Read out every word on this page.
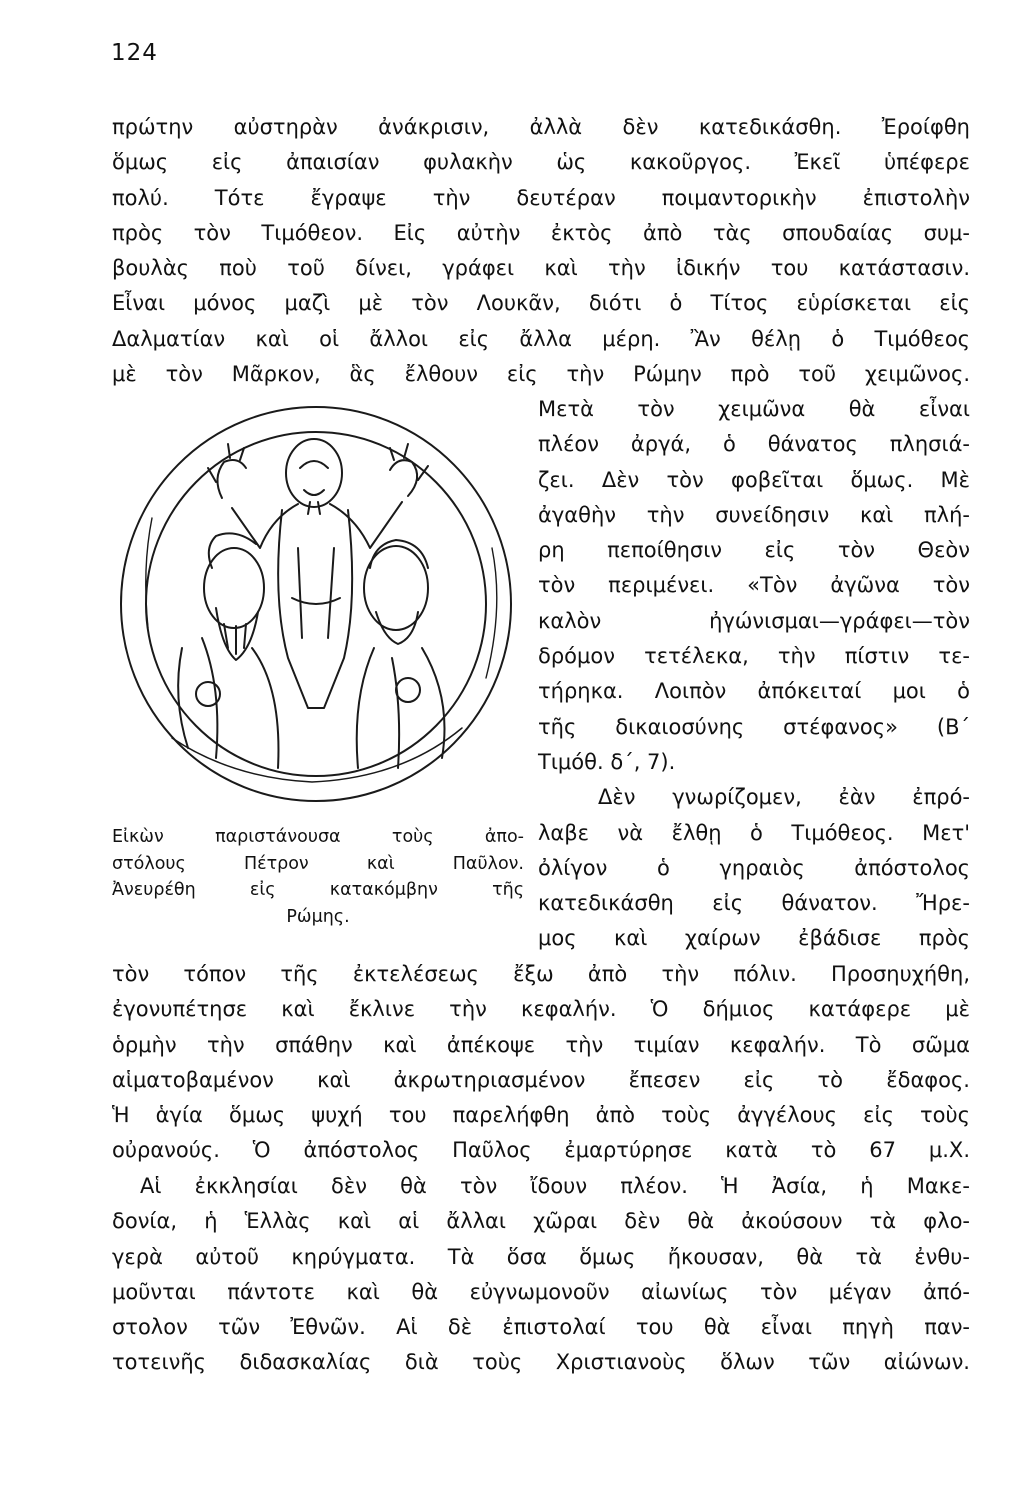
124
πρώτην αὐστηρὰν ἀνάκρισιν, ἀλλὰ δὲν κατεδικάσθη. Ἐροίφθη
ὅμως εἰς ἀπαισίαν φυλακὴν ὡς κακοῦργος. Ἐκεῖ ὑπέφερε
πολύ. Τότε ἔγραψε τὴν δευτέραν ποιμαντορικὴν ἐπιστολὴν
πρὸς τὸν Τιμόθεον. Εἰς αὐτὴν ἐκτὸς ἀπὸ τὰς σπουδαίας συμ-
βουλὰς ποὺ τοῦ δίνει, γράφει καὶ τὴν ἰδικήν του κατάστασιν.
Εἶναι μόνος μαζὶ μὲ τὸν Λουκᾶν, διότι ὁ Τίτος εὑρίσκεται εἰς
Δαλματίαν καὶ οἱ ἄλλοι εἰς ἄλλα μέρη. Ἂν θέλῃ ὁ Τιμόθεος
μὲ τὸν Μᾶρκον, ἃς ἔλθουν εἰς τὴν Ρώμην πρὸ τοῦ χειμῶνος.
Εἰκὼν παριστάνουσα τοὺς ἀπο-
στόλους Πέτρον καὶ Παῦλον.
Ἀνευρέθη εἰς κατακόμβην τῆς
Ρώμης.
Μετὰ τὸν χειμῶνα θὰ εἶναι
πλέον ἀργά, ὁ θάνατος πλησιά-
ζει. Δὲν τὸν φοβεῖται ὅμως. Μὲ
ἀγαθὴν τὴν συνείδησιν καὶ πλή-
ρη πεποίθησιν εἰς τὸν Θεὸν
τὸν περιμένει. «Τὸν ἀγῶνα τὸν
καλὸν ἠγώνισμαι—γράφει—τὸν
δρόμον τετέλεκα, τὴν πίστιν τε-
τήρηκα. Λοιπὸν ἀπόκειταί μοι ὁ
τῆς δικαιοσύνης στέφανος» (Β΄
Τιμόθ. δ΄, 7).
Δὲν γνωρίζομεν, ἐὰν ἐπρό-
λαβε νὰ ἔλθῃ ὁ Τιμόθεος. Μετ'
ὀλίγον ὁ γηραιὸς ἀπόστολος
κατεδικάσθη εἰς θάνατον. Ἤρε-
μος καὶ χαίρων ἐβάδισε πρὸς
τὸν τόπον τῆς ἐκτελέσεως ἔξω ἀπὸ τὴν πόλιν. Προσηυχήθη,
ἐγονυπέτησε καὶ ἔκλινε τὴν κεφαλήν. Ὁ δήμιος κατάφερε μὲ
ὁρμὴν τὴν σπάθην καὶ ἀπέκοψε τὴν τιμίαν κεφαλήν. Τὸ σῶμα
αἱματοβαμένον καὶ ἀκρωτηριασμένον ἔπεσεν εἰς τὸ ἔδαφος.
Ἡ ἁγία ὅμως ψυχή του παρελήφθη ἀπὸ τοὺς ἀγγέλους εἰς τοὺς
οὐρανούς. Ὁ ἀπόστολος Παῦλος ἐμαρτύρησε κατὰ τὸ 67 μ.Χ.
Αἱ ἐκκλησίαι δὲν θὰ τὸν ἴδουν πλέον. Ἡ Ἀσία, ἡ Μακε-
δονία, ἡ Ἑλλὰς καὶ αἱ ἄλλαι χῶραι δὲν θὰ ἀκούσουν τὰ φλο-
γερὰ αὐτοῦ κηρύγματα. Τὰ ὅσα ὅμως ἤκουσαν, θὰ τὰ ἐνθυ-
μοῦνται πάντοτε καὶ θὰ εὐγνωμονοῦν αἰωνίως τὸν μέγαν ἀπό-
στολον τῶν Ἐθνῶν. Αἱ δὲ ἐπιστολαί του θὰ εἶναι πηγὴ παν-
τοτεινῆς διδασκαλίας διὰ τοὺς Χριστιανοὺς ὅλων τῶν αἰώνων.
